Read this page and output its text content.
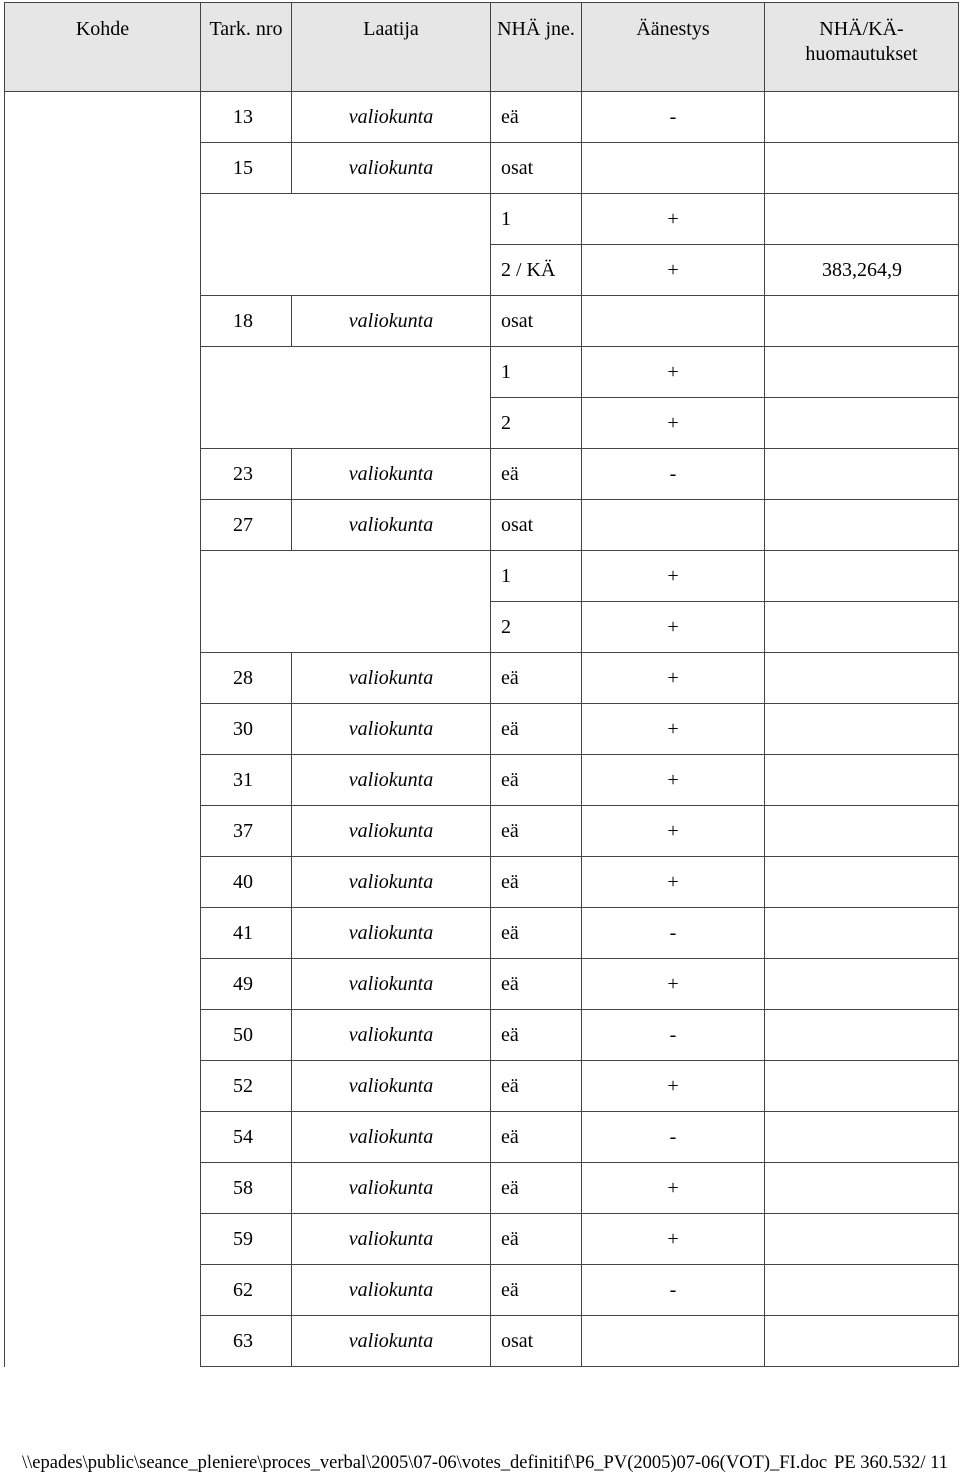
Kohde	Tark. nro	Laatija	NHÄ jne.	Äänestys	NHÄ/KÄ-huomautukset
	13	valiokunta	eä	-	
	15	valiokunta	osat		
			1	+	
			2 / KÄ	+	383,264,9
	18	valiokunta	osat		
			1	+	
			2	+	
	23	valiokunta	eä	-	
	27	valiokunta	osat		
			1	+	
			2	+	
	28	valiokunta	eä	+	
	30	valiokunta	eä	+	
	31	valiokunta	eä	+	
	37	valiokunta	eä	+	
	40	valiokunta	eä	+	
	41	valiokunta	eä	-	
	49	valiokunta	eä	+	
	50	valiokunta	eä	-	
	52	valiokunta	eä	+	
	54	valiokunta	eä	-	
	58	valiokunta	eä	+	
	59	valiokunta	eä	+	
	62	valiokunta	eä	-	
	63	valiokunta	osat		
\\epades\public\seance_pleniere\proces_verbal\2005\07-06\votes_definitif\P6_PV(2005)07-06(VOT)_FI.doc PE 360.532/ 11
